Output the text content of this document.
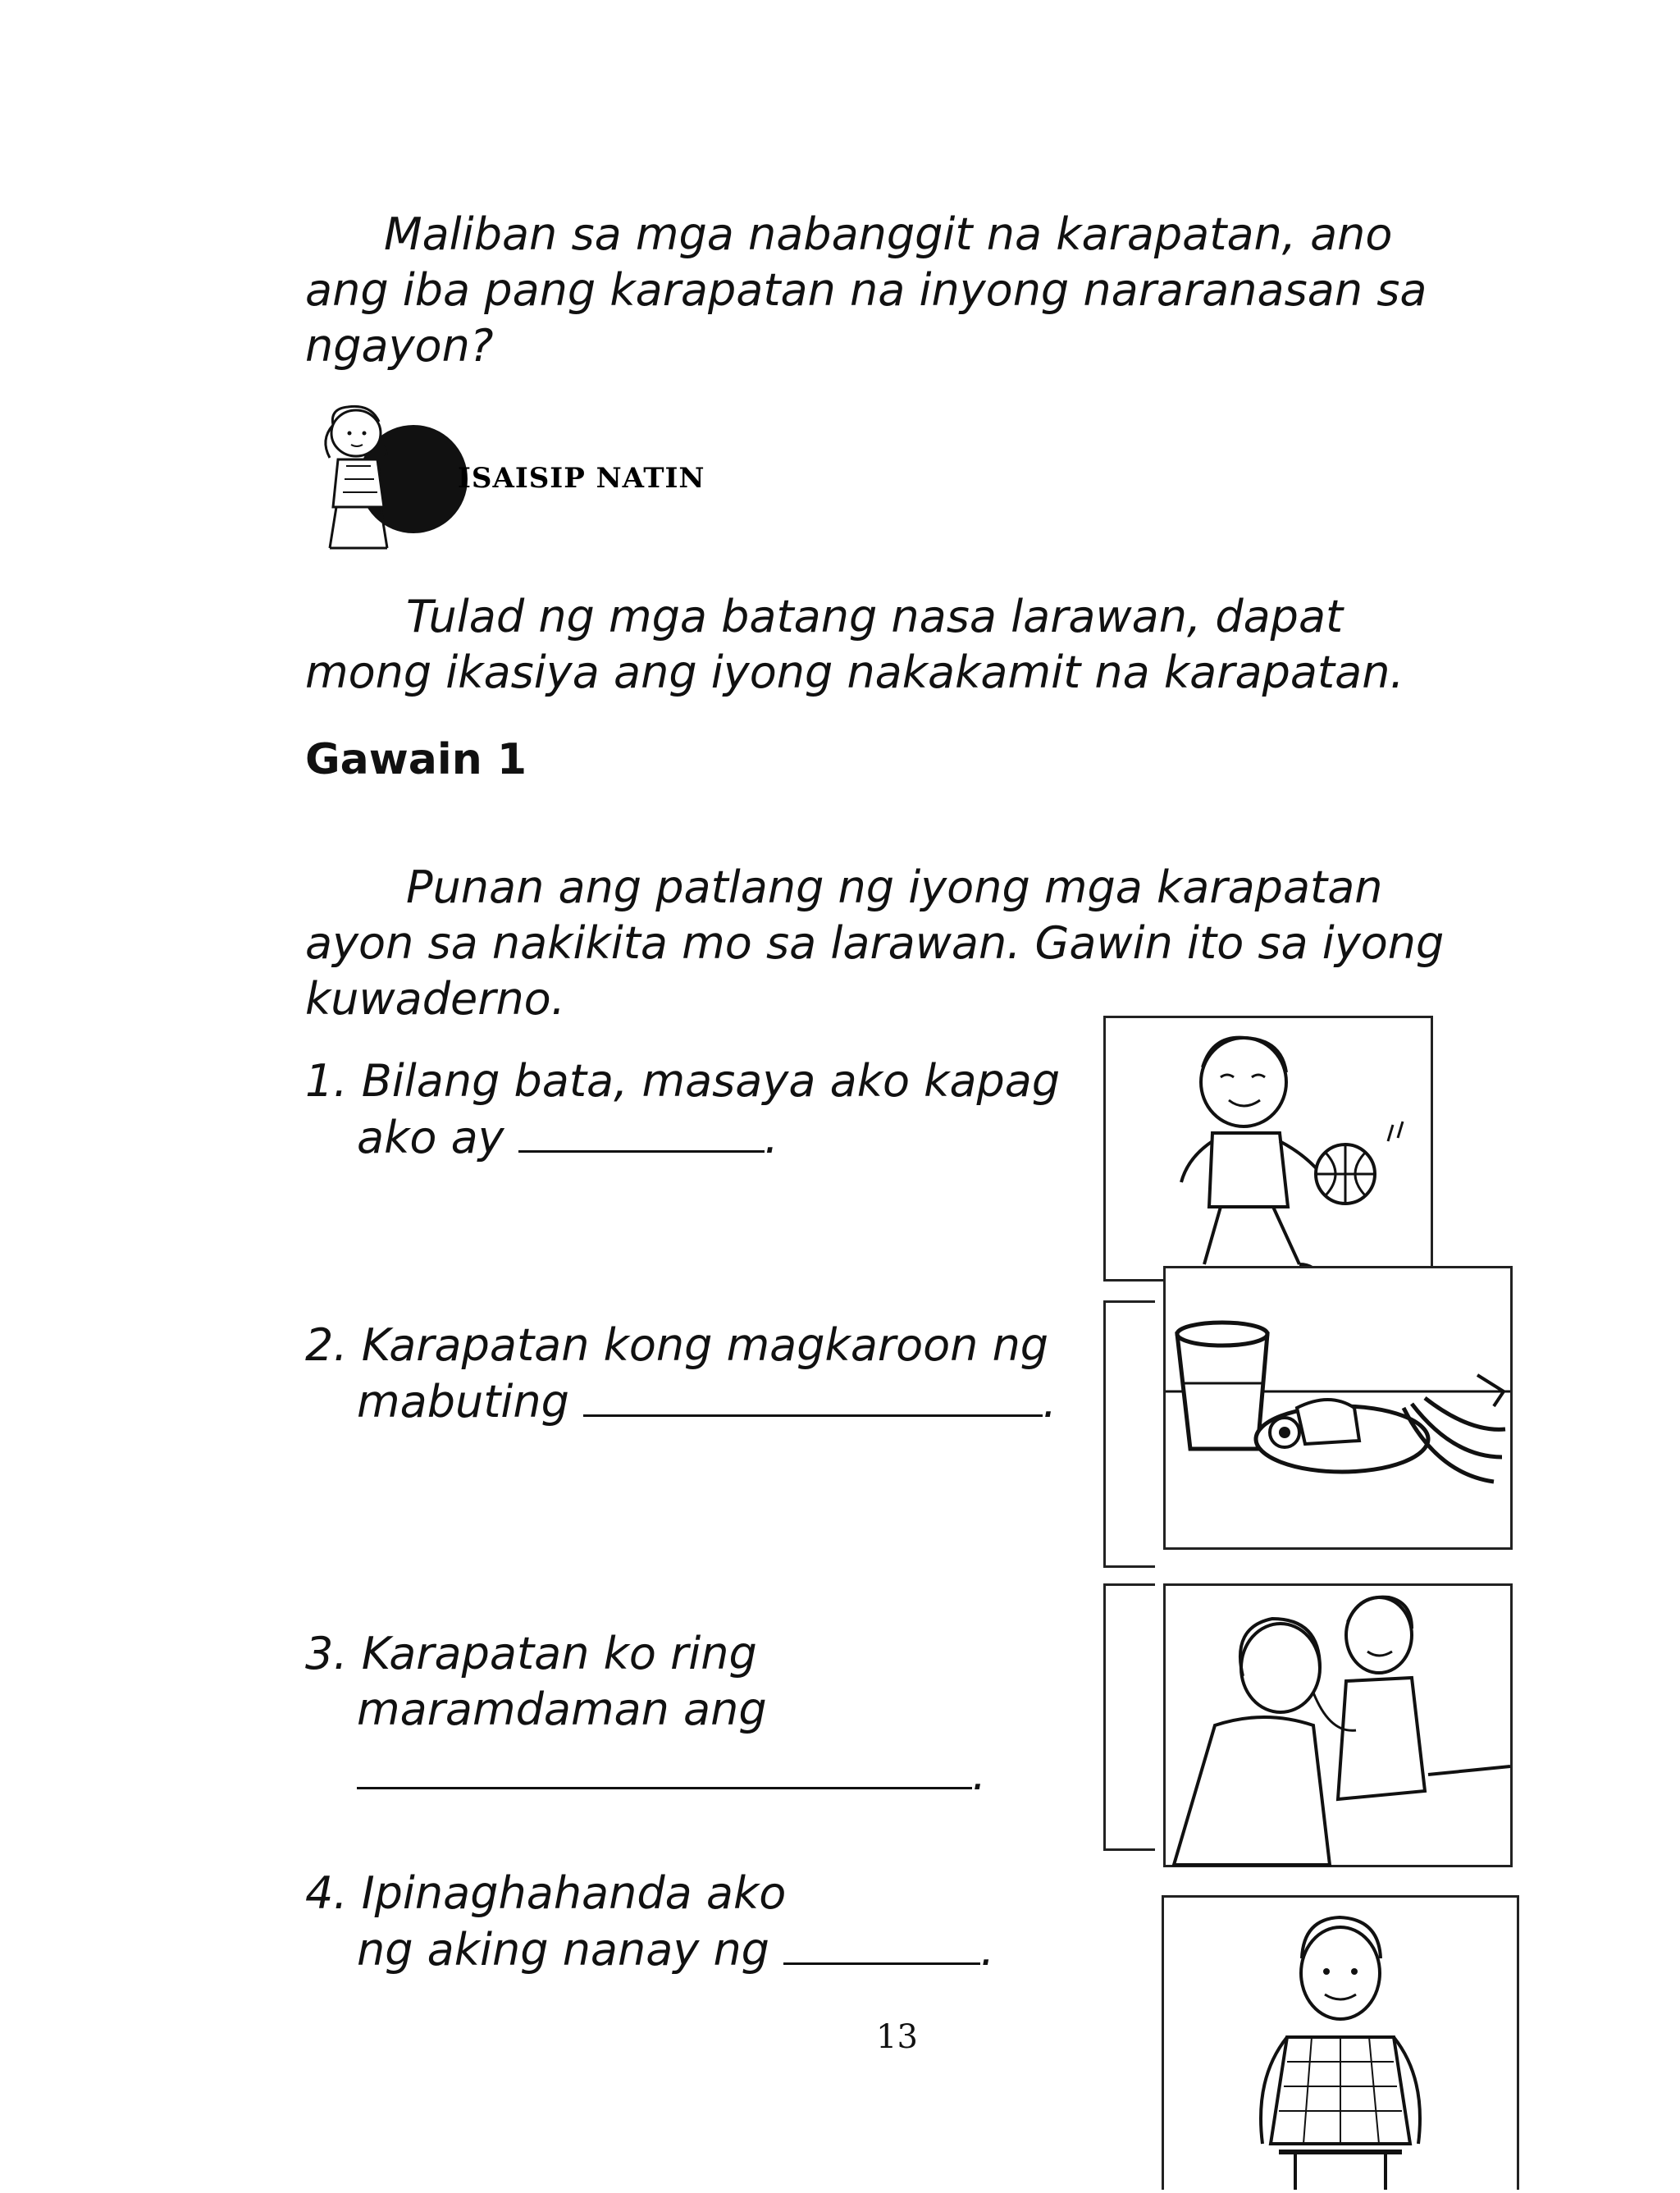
Maliban sa mga nabanggit na karapatan, ano
ang iba pang karapatan na inyong nararanasan sa
ngayon?
ISAISIP NATIN
Tulad ng mga batang nasa larawan, dapat
mong ikasiya ang iyong nakakamit na karapatan.
Gawain 1
Punan ang patlang ng iyong mga karapatan
ayon sa nakikita mo sa larawan. Gawin ito sa iyong
kuwaderno.
1. Bilang bata, masaya ako kapag
ako ay	.
2. Karapatan kong magkaroon ng
mabuting	.
3. Karapatan ko ring
maramdaman ang
.
4. Ipinaghahanda ako
ng aking nanay ng	.
13
